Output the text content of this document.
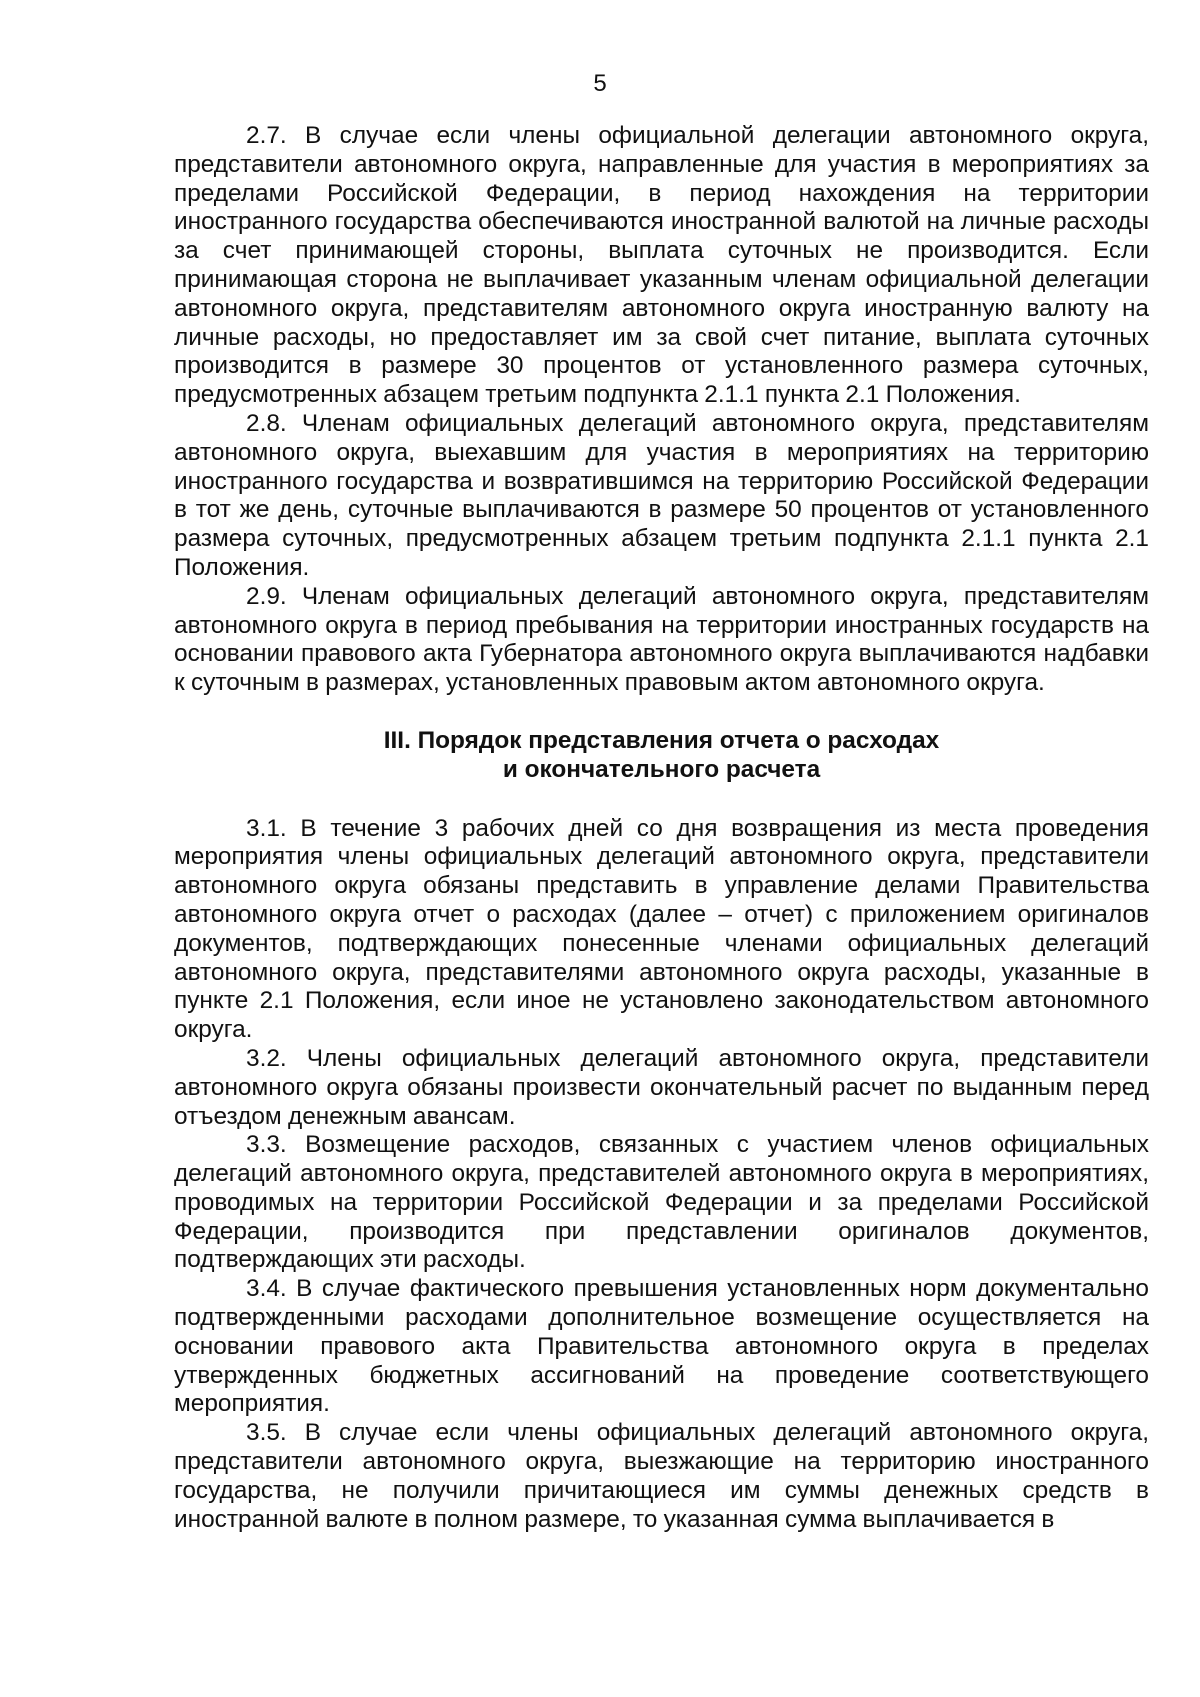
5

2.7. В случае если члены официальной делегации автономного округа, представители автономного округа, направленные для участия в мероприятиях за пределами Российской Федерации, в период нахождения на территории иностранного государства обеспечиваются иностранной валютой на личные расходы за счет принимающей стороны, выплата суточных не производится. Если принимающая сторона не выплачивает указанным членам официальной делегации автономного округа, представителям автономного округа иностранную валюту на личные расходы, но предоставляет им за свой счет питание, выплата суточных производится в размере 30 процентов от установленного размера суточных, предусмотренных абзацем третьим подпункта 2.1.1 пункта 2.1 Положения.

2.8. Членам официальных делегаций автономного округа, представителям автономного округа, выехавшим для участия в мероприятиях на территорию иностранного государства и возвратившимся на территорию Российской Федерации в тот же день, суточные выплачиваются в размере 50 процентов от установленного размера суточных, предусмотренных абзацем третьим подпункта 2.1.1 пункта 2.1 Положения.

2.9. Членам официальных делегаций автономного округа, представителям автономного округа в период пребывания на территории иностранных государств на основании правового акта Губернатора автономного округа выплачиваются надбавки к суточным в размерах, установленных правовым актом автономного округа.

III. Порядок представления отчета о расходах
и окончательного расчета

3.1. В течение 3 рабочих дней со дня возвращения из места проведения мероприятия члены официальных делегаций автономного округа, представители автономного округа обязаны представить в управление делами Правительства автономного округа отчет о расходах (далее – отчет) с приложением оригиналов документов, подтверждающих понесенные членами официальных делегаций автономного округа, представителями автономного округа расходы, указанные в пункте 2.1 Положения, если иное не установлено законодательством автономного округа.

3.2. Члены официальных делегаций автономного округа, представители автономного округа обязаны произвести окончательный расчет по выданным перед отъездом денежным авансам.

3.3. Возмещение расходов, связанных с участием членов официальных делегаций автономного округа, представителей автономного округа в мероприятиях, проводимых на территории Российской Федерации и за пределами Российской Федерации, производится при представлении оригиналов документов, подтверждающих эти расходы.

3.4. В случае фактического превышения установленных норм документально подтвержденными расходами дополнительное возмещение осуществляется на основании правового акта Правительства автономного округа в пределах утвержденных бюджетных ассигнований на проведение соответствующего мероприятия.

3.5. В случае если члены официальных делегаций автономного округа, представители автономного округа, выезжающие на территорию иностранного государства, не получили причитающиеся им суммы денежных средств в иностранной валюте в полном размере, то указанная сумма выплачивается в
